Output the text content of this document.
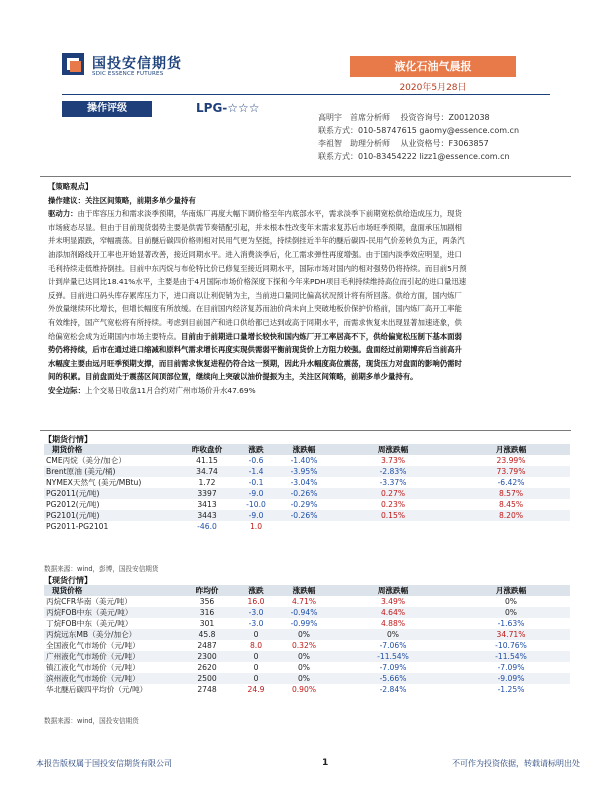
国投安信期货
SDIC ESSENCE FUTURES
液化石油气晨报
2020年5月28日
操作评级	LPG-☆☆☆
高明宇　首席分析师　 投资咨询号：Z0012038
联系方式：010-58747615 gaomy@essence.com.cn
李祖智　助理分析师　 从业资格号：F3063857
联系方式：010-83454222 lizz1@essence.com.cn
【策略观点】
操作建议：关注区间策略，前期多单少量持有
驱动力：由于库容压力和需求淡季预期，华南炼厂再度大幅下调价格至年内底部水平，需求淡季下前期宽松供给造成压力，现货
市场疲态尽显。但由于目前现货弱势主要是供需节奏错配引起，并未根本性改变年末需求复苏后市场旺季预期，盘面承压加剧相
并未明显跟跌，窄幅震荡。目前醚后碳四价格则相对民用气更为坚挺，持续倒挂近半年的醚后碳四-民用气价差转负为正，两条汽
油添加剂路线开工率也开始显著改善，接近同期水平。进入消费淡季后，化工需求弹性再度增强。由于国内淡季效应明显，进口
毛利持续走低维持倒挂。目前中东丙烷与布伦特比价已修复至接近同期水平，国际市场对国内的相对强势仍将持续。而目前5月预
计到岸量已达同比18.41%水平，主要是由于4月国际市场价格深度下探和今年来PDH项目毛利持续维持高位而引起的进口量迅速
反弹。目前进口码头库存累库压力下，进口商以让利促销为主，当前进口量同比偏高状况预计将有所回落。供给方面，国内炼厂
外放量继续环比增长，但增长幅度有所放缓。在目前国内经济复苏而油价尚未向上突破地板价保护价格前，国内炼厂高开工率能
有效维持，国产气宽松将有所持续。考虑到目前国产和进口供给都已达到或高于同期水平，而需求恢复未出现显著加速迹象，供
给偏宽松会成为近期国内市场主要特点。目前由于前期进口量增长较快和国内炼厂开工率居高不下，供给偏宽松压制下基本面弱
势仍将持续，后市在通过进口缩减和原料气需求增长再度实现供需弱平衡前现货价上方阻力较强。盘面经过前期博弈后当前高升
水幅度主要由远月旺季预期支撑，而目前需求恢复进程仍符合这一预期，因此升水幅度高位震荡，现货压力对盘面的影响仍需时
间的积累。目前盘面处于震荡区间顶部位置，继续向上突破以油价提振为主，关注区间策略，前期多单少量持有。
安全边际：上个交易日收盘11月合约对广州市场价升水47.69%
【期货行情】
期货价格	昨收盘价	涨跌	涨跌幅	周涨跌幅	月涨跌幅
CME丙烷（美分/加仑）	41.15	-0.6	-1.40%	3.73%	23.99%
Brent原油 (美元/桶)	34.74	-1.4	-3.95%	-2.83%	73.79%
NYMEX天然气 (美元/MBtu)	1.72	-0.1	-3.04%	-3.37%	-6.42%
PG2011(元/吨)	3397	-9.0	-0.26%	0.27%	8.57%
PG2012(元/吨)	3413	-10.0	-0.29%	0.23%	8.45%
PG2101(元/吨)	3443	-9.0	-0.26%	0.15%	8.20%
PG2011-PG2101	-46.0	1.0			
数据来源：wind，彭博，国投安信期货
【现货行情】
现货价格	昨均价	涨跌	涨跌幅	周涨跌幅	月涨跌幅
丙烷CFR华南（美元/吨）	356	16.0	4.71%	3.49%	0%
丙烷FOB中东（美元/吨）	316	-3.0	-0.94%	4.64%	0%
丁烷FOB中东（美元/吨）	301	-3.0	-0.99%	4.88%	-1.63%
丙烷远东MB（美分/加仑）	45.8	0	0%	0%	34.71%
全国液化气市场价（元/吨）	2487	8.0	0.32%	-7.06%	-10.76%
广州液化气市场价（元/吨）	2300	0	0%	-11.54%	-11.54%
镇江液化气市场价（元/吨）	2620	0	0%	-7.09%	-7.09%
滨州液化气市场价（元/吨）	2500	0	0%	-5.66%	-9.09%
华北醚后碳四平均价（元/吨）	2748	24.9	0.90%	-2.84%	-1.25%
数据来源：wind，国投安信期货
本报告版权属于国投安信期货有限公司	1	不可作为投资依据，转载请标明出处
